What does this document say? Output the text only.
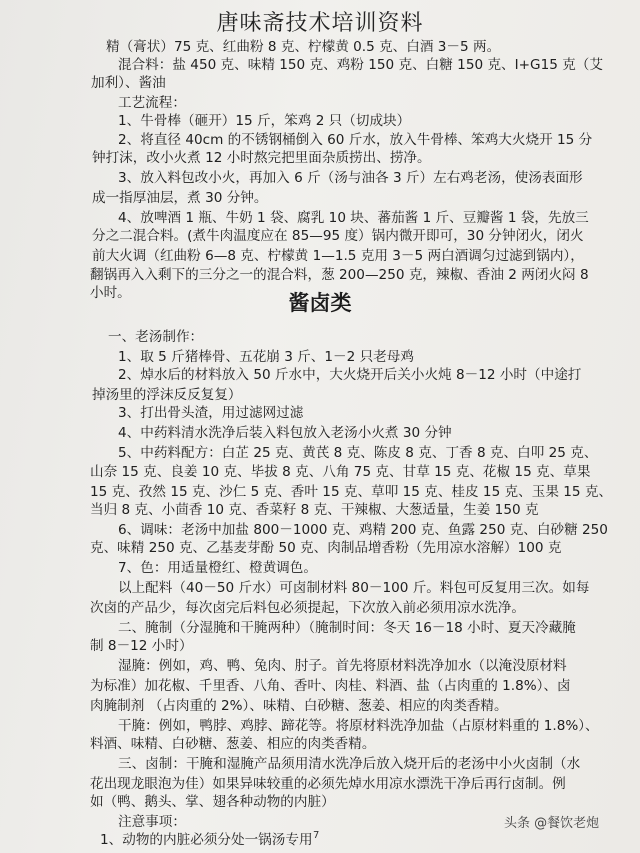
唐味斋技术培训资料
精（膏状）75 克、红曲粉 8 克、柠檬黄 0.5 克、白酒 3－5 两。
混合料：盐 450 克、味精 150 克、鸡粉 150 克、白糖 150 克、I+G15 克（艾
加利）、酱油
工艺流程：
1、牛骨棒（砸开）15 斤，笨鸡 2 只（切成块）
2、将直径 40cm 的不锈钢桶倒入 60 斤水，放入牛骨棒、笨鸡大火烧开 15 分
钟打沫，改小火煮 12 小时熬完把里面杂质捞出、捞净。
3、放入料包改小火，再加入 6 斤（汤与油各 3 斤）左右鸡老汤，使汤表面形
成一指厚油层，煮 30 分钟。
4、放啤酒 1 瓶、牛奶 1 袋、腐乳 10 块、蕃茄酱 1 斤、豆瓣酱 1 袋，先放三
分之二混合料。(煮牛肉温度应在 85—95 度）锅内微开即可，30 分钟闭火，闭火
前大火调（红曲粉 6—8 克、柠檬黄 1—1.5 克用 3－5 两白酒调匀过滤到锅内），
翻锅再入入剩下的三分之一的混合料，葱 200—250 克，辣椒、香油 2 两闭火闷 8
小时。	酱卤类
一、老汤制作：
1、取 5 斤猪棒骨、五花崩 3 斤、1－2 只老母鸡
2、焯水后的材料放入 50 斤水中，大火烧开后关小火炖 8－12 小时（中途打
掉汤里的浮沫反反复复）
3、打出骨头渣，用过滤网过滤
4、中药料清水洗净后装入料包放入老汤小火煮 30 分钟
5、中药料配方：白芷 25 克、黄芪 8 克、陈皮 8 克、丁香 8 克、白叩 25 克、
山奈 15 克、良姜 10 克、毕拔 8 克、八角 75 克、甘草 15 克、花椒 15 克、草果
15 克、孜然 15 克、沙仁 5 克、香叶 15 克、草叩 15 克、桂皮 15 克、玉果 15 克、
当归 8 克、小茴香 10 克、香菜籽 8 克、干辣椒、大葱适量，生姜 150 克
6、调味：老汤中加盐 800－1000 克、鸡精 200 克、鱼露 250 克、白砂糖 250
克、味精 250 克、乙基麦芽酚 50 克、肉制品增香粉（先用凉水溶解）100 克
7、色：用适量橙红、橙黄调色。
以上配料（40－50 斤水）可卤制材料 80－100 斤。料包可反复用三次。如每
次卤的产品少，每次卤完后料包必须提起，下次放入前必须用凉水洗净。
二、腌制（分湿腌和干腌两种）（腌制时间：冬天 16－18 小时、夏天冷藏腌
制 8－12 小时）
湿腌：例如，鸡、鸭、兔肉、肘子。首先将原材料洗净加水（以淹没原材料
为标准）加花椒、千里香、八角、香叶、肉桂、料酒、盐（占肉重的 1.8%）、卤
肉腌制剂 （占肉重的 2%）、味精、白砂糖、葱姜、相应的肉类香精。
干腌：例如，鸭脖、鸡脖、蹄花等。将原材料洗净加盐（占原材料重的 1.8%）、
料酒、味精、白砂糖、葱姜、相应的肉类香精。
三、卤制：干腌和湿腌产品须用清水洗净后放入烧开后的老汤中小火卤制（水
花出现龙眼泡为佳）如果异味较重的必须先焯水用凉水漂洗干净后再行卤制。例
如（鸭、鹅头、掌、翅各种动物的内脏）
注意事项：
1、动物的内脏必须分处一锅汤专用 7
头条 @餐饮老炮
